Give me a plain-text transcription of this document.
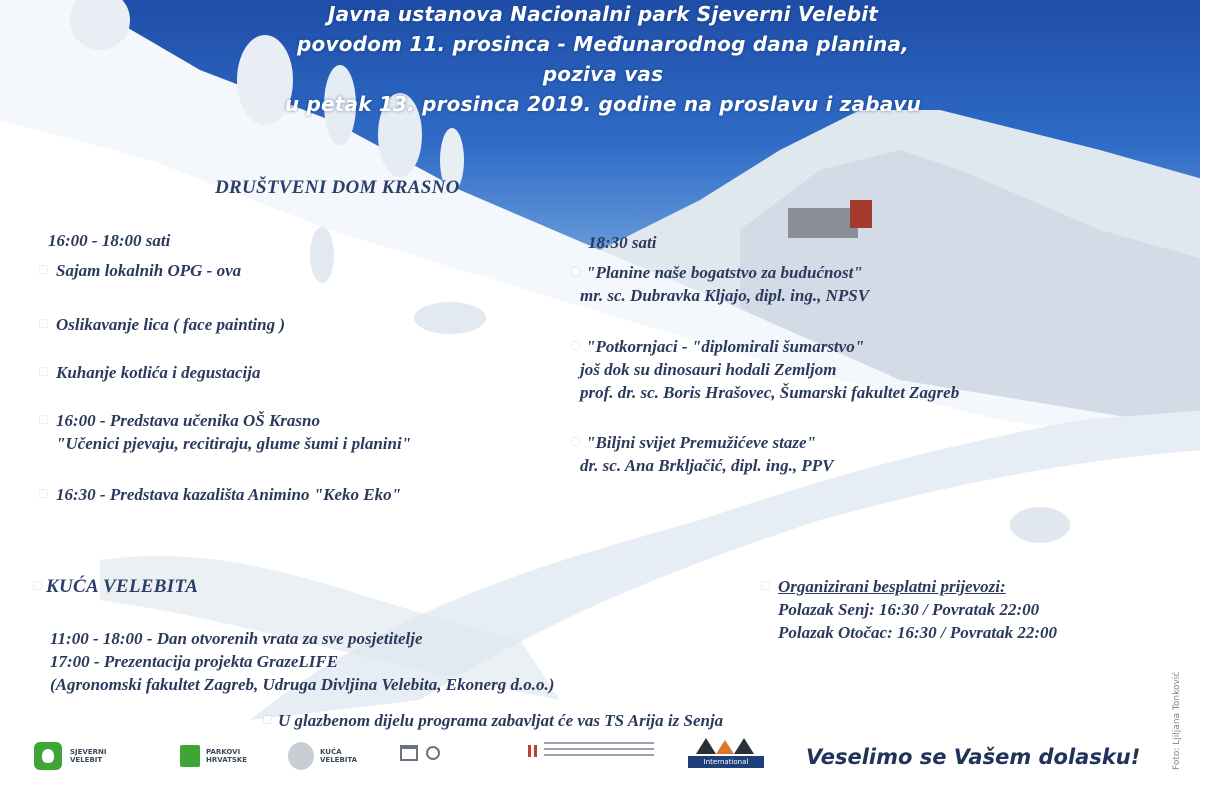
Javna ustanova Nacionalni park Sjeverni Velebit
povodom 11. prosinca - Međunarodnog dana planina,
poziva vas
u petak 13. prosinca 2019. godine na proslavu i zabavu
DRUŠTVENI DOM KRASNO
16:00 - 18:00 sati
Sajam lokalnih OPG - ova
Oslikavanje lica ( face painting )
Kuhanje kotlića i degustacija
16:00 - Predstava učenika OŠ Krasno
"Učenici pjevaju, recitiraju, glume šumi i planini"
16:30 - Predstava kazališta Animino "Keko Eko"
18:30 sati
"Planine naše bogatstvo za budućnost"
mr. sc. Dubravka Kljajo, dipl. ing., NPSV
"Potkornjaci - "diplomirali šumarstvo"
još dok su dinosauri hodali Zemljom
prof. dr. sc. Boris Hrašovec, Šumarski fakultet Zagreb
"Biljni svijet Premužićeve staze"
dr. sc. Ana Brkljačić, dipl. ing., PPV
KUĆA VELEBITA
11:00 - 18:00 - Dan otvorenih vrata za sve posjetitelje
17:00 - Prezentacija projekta GrazeLIFE
(Agronomski fakultet Zagreb, Udruga Divljina Velebita, Ekonerg d.o.o.)
Organizirani besplatni prijevozi:
Polazak Senj: 16:30 / Povratak 22:00
Polazak Otočac: 16:30 / Povratak 22:00
U glazbenom dijelu programa zabavljat će vas TS Arija iz Senja
SJEVERNI
VELEBIT
PARKOVI
HRVATSKE
KUĆA
VELEBITA	International	Veselimo se Vašem dolasku!	Foto: Ljiljana Tonković
